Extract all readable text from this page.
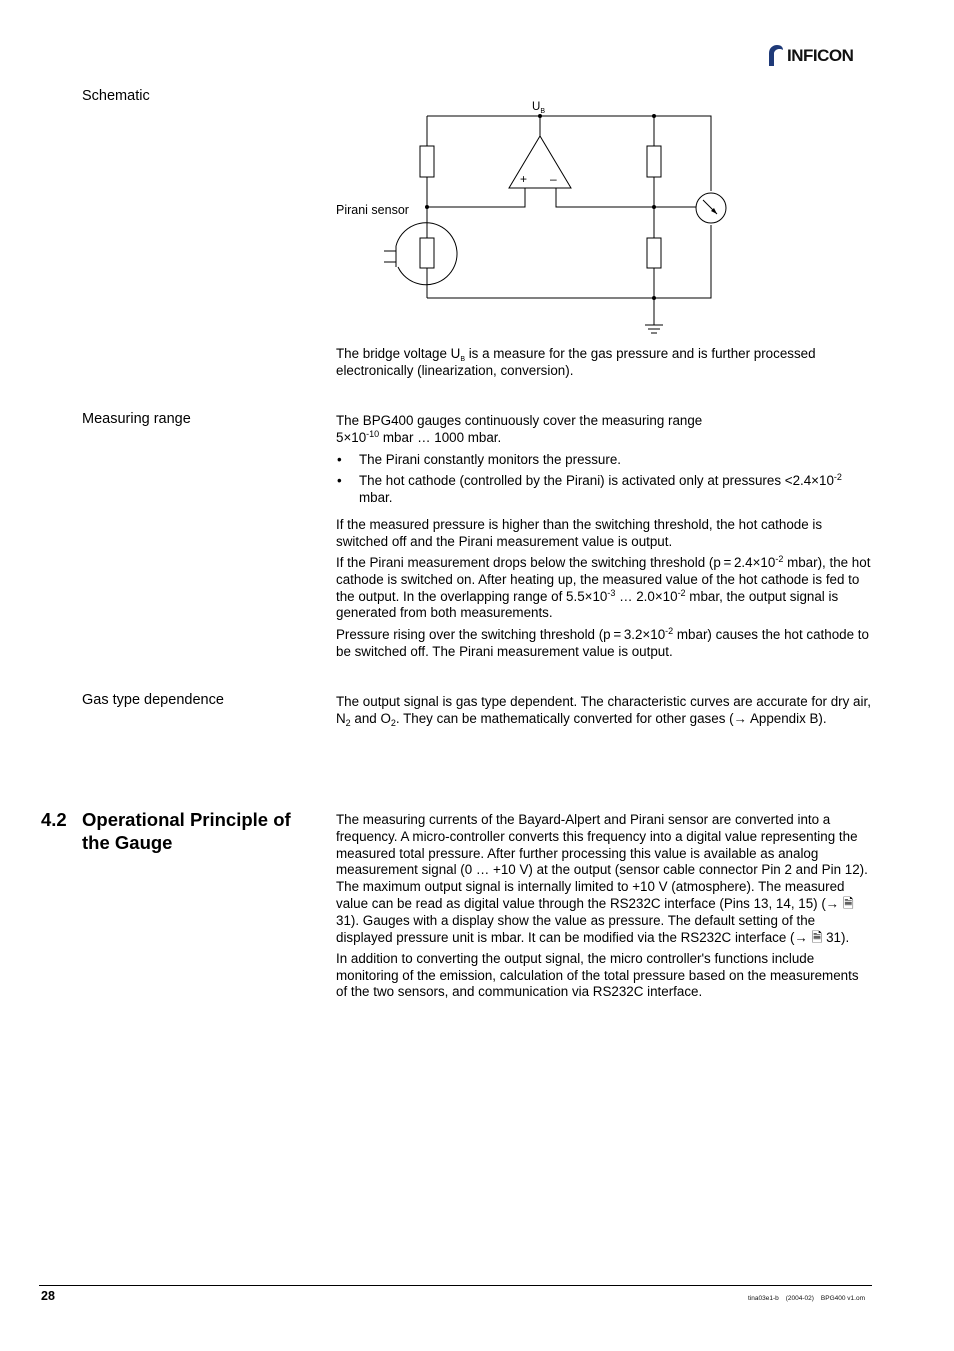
INFICON
Schematic
$U_B$
+ –
Pirani sensor

The bridge voltage $U_B$ is a measure for the gas pressure and is further processed electronically (linearization, conversion).

Measuring range	The BPG400 gauges continuously cover the measuring range
$5\times 10^{-10}$ mbar … 1000 mbar.

• The Pirani constantly monitors the pressure.
• The hot cathode (controlled by the Pirani) is activated only at pressures $<2.4\times 10^{-2}$ mbar.

If the measured pressure is higher than the switching threshold, the hot cathode is switched off and the Pirani measurement value is output.

If the Pirani measurement drops below the switching threshold ($p = 2.4\times 10^{-2}$ mbar), the hot cathode is switched on. After heating up, the measured value of the hot cathode is fed to the output. In the overlapping range of $5.5\times 10^{-3}$ … $2.0\times 10^{-2}$ mbar, the output signal is generated from both measurements.

Pressure rising over the switching threshold ($p = 3.2\times 10^{-2}$ mbar) causes the hot cathode to be switched off. The Pirani measurement value is output.

Gas type dependence	The output signal is gas type dependent. The characteristic curves are accurate for dry air, $N_2$ and $O_2$. They can be mathematically converted for other gases (→ Appendix B).

4.2 Operational Principle of the Gauge

The measuring currents of the Bayard-Alpert and Pirani sensor are converted into a frequency. A micro-controller converts this frequency into a digital value representing the measured total pressure. After further processing this value is available as analog measurement signal (0 … +10 V) at the output (sensor cable connector Pin 2 and Pin 12). The maximum output signal is internally limited to +10 V (atmosphere). The measured value can be read as digital value through the RS232C interface (Pins 13, 14, 15) (→ 🗎 31). Gauges with a display show the value as pressure. The default setting of the displayed pressure unit is mbar. It can be modified via the RS232C interface (→ 🗎 31).

In addition to converting the output signal, the micro controller's functions include monitoring of the emission, calculation of the total pressure based on the measurements of the two sensors, and communication via RS232C interface.

28	tina03e1-b (2004-02) BPG400 v1.om
